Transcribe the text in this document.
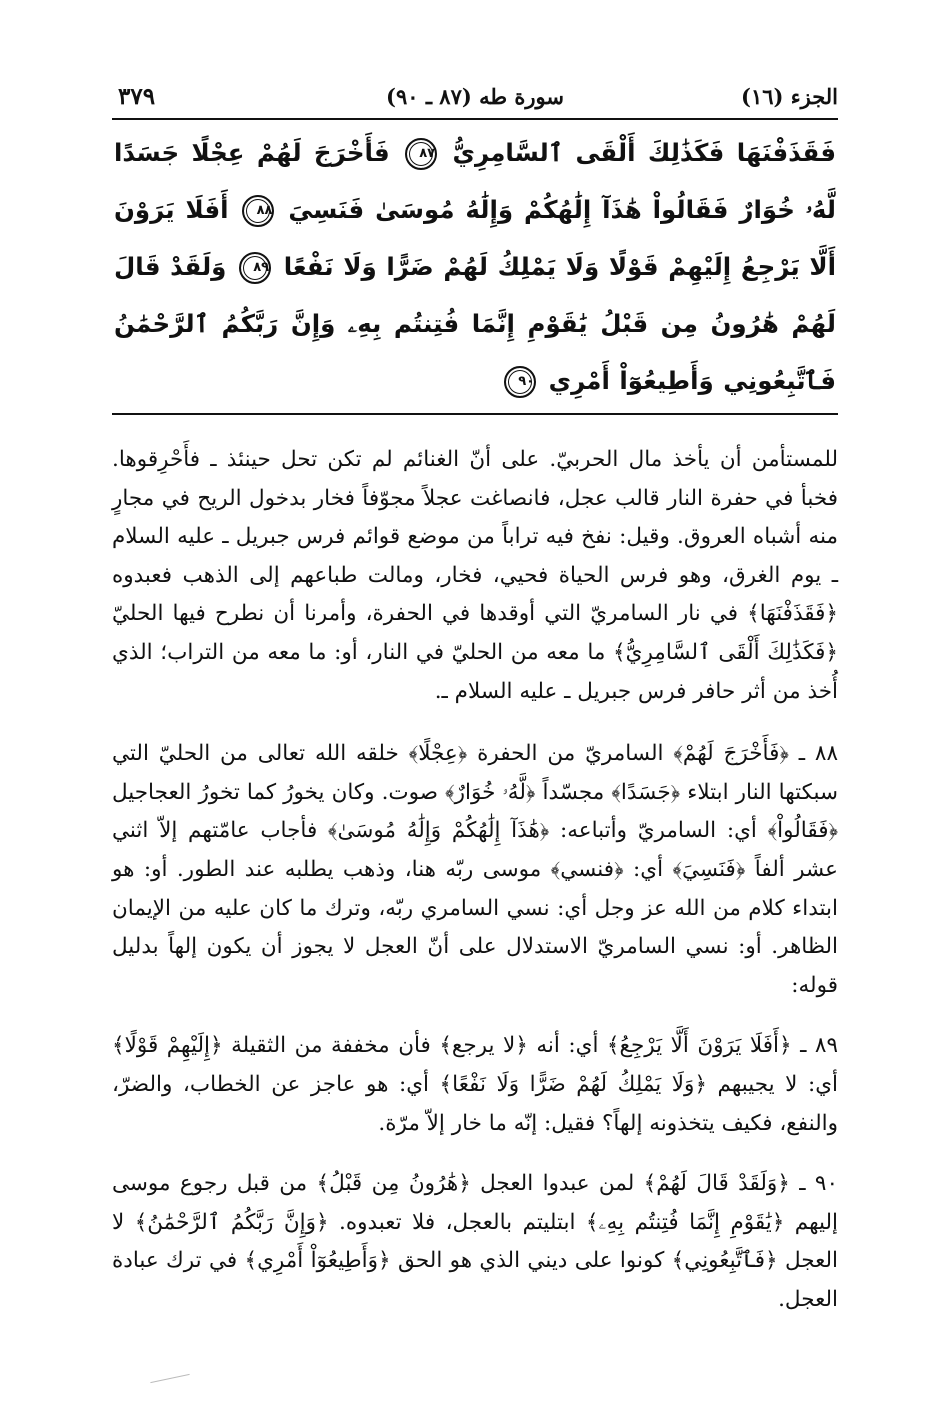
الجزء (١٦)
سورة طه (٨٧ ـ ٩٠)
٣٧٩
فَقَذَفْنَهَا فَكَذَٰلِكَ أَلْقَى ٱلسَّامِرِيُّ ٨٧ فَأَخْرَجَ لَهُمْ عِجْلًا جَسَدًا لَّهُۥ خُوَارٌ فَقَالُواْ هَٰذَآ إِلَٰهُكُمْ وَإِلَٰهُ مُوسَىٰ فَنَسِيَ ٨٨ أَفَلَا يَرَوْنَ أَلَّا يَرْجِعُ إِلَيْهِمْ قَوْلًا وَلَا يَمْلِكُ لَهُمْ ضَرًّا وَلَا نَفْعًا ٨٩ وَلَقَدْ قَالَ لَهُمْ هَٰرُونُ مِن قَبْلُ يَٰقَوْمِ إِنَّمَا فُتِنتُم بِهِۦ وَإِنَّ رَبَّكُمُ ٱلرَّحْمَٰنُ فَٱتَّبِعُونِي وَأَطِيعُوٓاْ أَمْرِي ٩٠

للمستأمن أن يأخذ مال الحربيّ. على أنّ الغنائم لم تكن تحل حينئذ ـ فأَحْرِقوها. فخبأ في حفرة النار قالب عجل، فانصاغت عجلاً مجوّفاً فخار بدخول الريح في مجارٍ منه أشباه العروق. وقيل: نفخ فيه تراباً من موضع قوائم فرس جبريل ـ عليه السلام ـ يوم الغرق، وهو فرس الحياة فحيي، فخار، ومالت طباعهم إلى الذهب فعبدوه ﴿فَقَذَفْنَهَا﴾ في نار السامريّ التي أوقدها في الحفرة، وأمرنا أن نطرح فيها الحليّ ﴿فَكَذَٰلِكَ أَلْقَى ٱلسَّامِرِيُّ﴾ ما معه من الحليّ في النار، أو: ما معه من التراب؛ الذي أُخذ من أثر حافر فرس جبريل ـ عليه السلام ـ.

٨٨ ـ ﴿فَأَخْرَجَ لَهُمْ﴾ السامريّ من الحفرة ﴿عِجْلًا﴾ خلقه الله تعالى من الحليّ التي سبكتها النار ابتلاء ﴿جَسَدًا﴾ مجسّداً ﴿لَّهُۥ خُوَارٌ﴾ صوت. وكان يخورُ كما تخورُ العجاجيل ﴿فَقَالُواْ﴾ أي: السامريّ وأتباعه: ﴿هَٰذَآ إِلَٰهُكُمْ وَإِلَٰهُ مُوسَىٰ﴾ فأجاب عامّتهم إلاّ اثني عشر ألفاً ﴿فَنَسِيَ﴾ أي: ﴿فنسي﴾ موسى ربّه هنا، وذهب يطلبه عند الطور. أو: هو ابتداء كلام من الله عز وجل أي: نسي السامري ربّه، وترك ما كان عليه من الإيمان الظاهر. أو: نسي السامريّ الاستدلال على أنّ العجل لا يجوز أن يكون إلهاً بدليل قوله:

٨٩ ـ ﴿أَفَلَا يَرَوْنَ أَلَّا يَرْجِعُ﴾ أي: أنه ﴿لا يرجع﴾ فأن مخففة من الثقيلة ﴿إِلَيْهِمْ قَوْلًا﴾ أي: لا يجيبهم ﴿وَلَا يَمْلِكُ لَهُمْ ضَرًّا وَلَا نَفْعًا﴾ أي: هو عاجز عن الخطاب، والضرّ، والنفع، فكيف يتخذونه إلهاً؟ فقيل: إنّه ما خار إلاّ مرّة.

٩٠ ـ ﴿وَلَقَدْ قَالَ لَهُمْ﴾ لمن عبدوا العجل ﴿هَٰرُونُ مِن قَبْلُ﴾ من قبل رجوع موسى إليهم ﴿يَٰقَوْمِ إِنَّمَا فُتِنتُم بِهِۦ﴾ ابتليتم بالعجل، فلا تعبدوه. ﴿وَإِنَّ رَبَّكُمُ ٱلرَّحْمَٰنُ﴾ لا العجل ﴿فَٱتَّبِعُونِي﴾ كونوا على ديني الذي هو الحق ﴿وَأَطِيعُوٓاْ أَمْرِي﴾ في ترك عبادة العجل.
